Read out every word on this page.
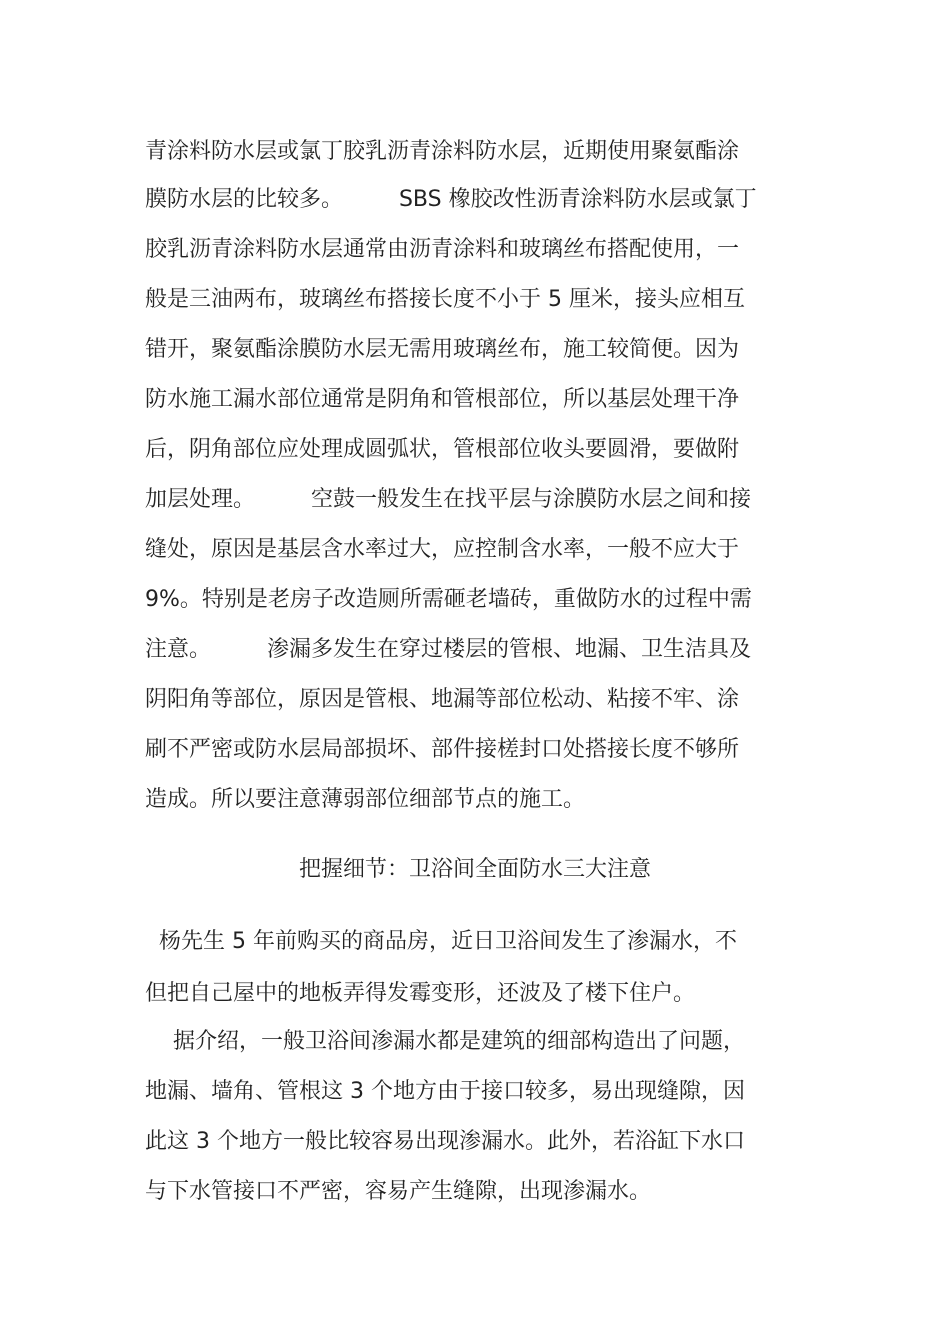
青涂料防水层或氯丁胶乳沥青涂料防水层，近期使用聚氨酯涂
膜防水层的比较多。        SBS 橡胶改性沥青涂料防水层或氯丁
胶乳沥青涂料防水层通常由沥青涂料和玻璃丝布搭配使用，一
般是三油两布，玻璃丝布搭接长度不小于 5 厘米，接头应相互
错开，聚氨酯涂膜防水层无需用玻璃丝布，施工较简便。因为
防水施工漏水部位通常是阴角和管根部位，所以基层处理干净
后，阴角部位应处理成圆弧状，管根部位收头要圆滑，要做附
加层处理。        空鼓一般发生在找平层与涂膜防水层之间和接
缝处，原因是基层含水率过大，应控制含水率，一般不应大于
9%。特别是老房子改造厕所需砸老墙砖，重做防水的过程中需
注意。        渗漏多发生在穿过楼层的管根、地漏、卫生洁具及
阴阳角等部位，原因是管根、地漏等部位松动、粘接不牢、涂
刷不严密或防水层局部损坏、部件接槎封口处搭接长度不够所
造成。所以要注意薄弱部位细部节点的施工。
把握细节：卫浴间全面防水三大注意
杨先生 5 年前购买的商品房，近日卫浴间发生了渗漏水，不
但把自己屋中的地板弄得发霉变形，还波及了楼下住户。
据介绍，一般卫浴间渗漏水都是建筑的细部构造出了问题，
地漏、墙角、管根这 3 个地方由于接口较多，易出现缝隙，因
此这 3 个地方一般比较容易出现渗漏水。此外，若浴缸下水口
与下水管接口不严密，容易产生缝隙，出现渗漏水。
